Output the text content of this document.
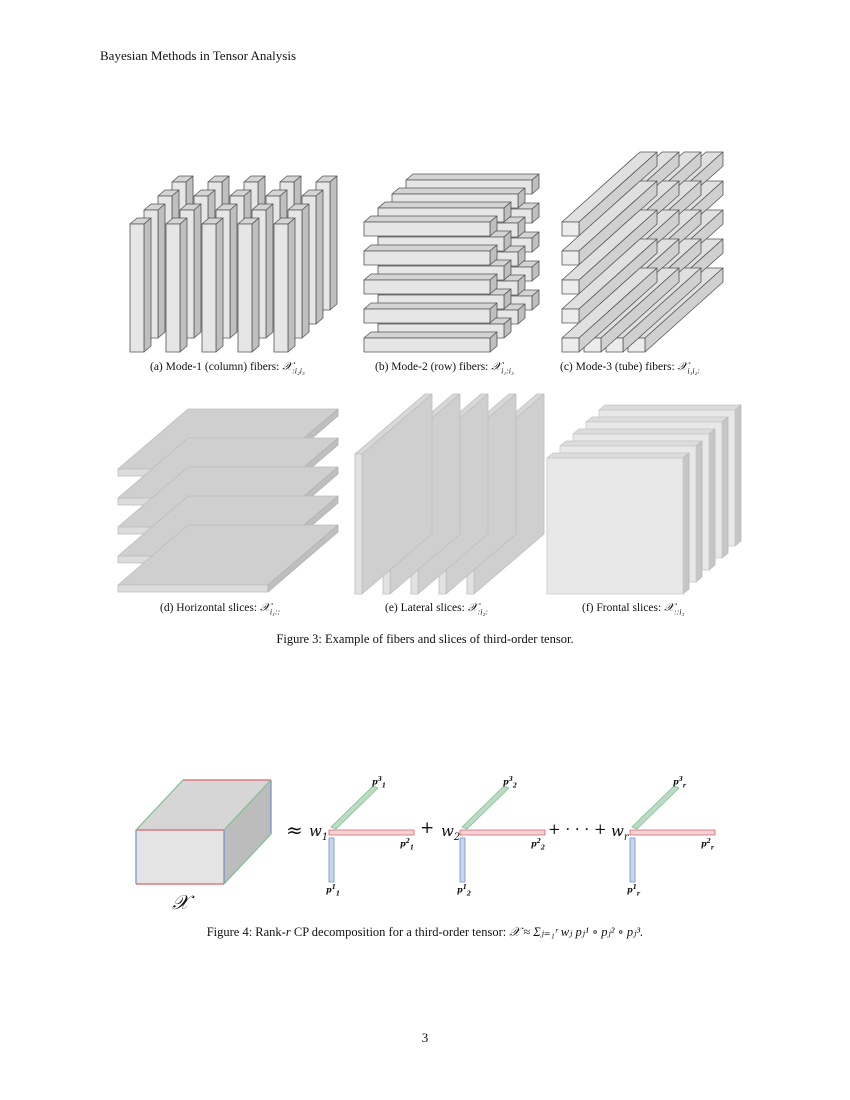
Bayesian Methods in Tensor Analysis
(a) Mode-1 (column) fibers: 𝒳$_{:i_2i_3}$	(b) Mode-2 (row) fibers: 𝒳$_{i_1:i_3}$	(c) Mode-3 (tube) fibers: 𝒳$_{i_1i_2:}$
(d) Horizontal slices: 𝒳$_{i_1::}$	(e) Lateral slices: 𝒳$_{:i_2:}$	(f) Frontal slices: 𝒳$_{::i_3}$
Figure 3: Example of fibers and slices of third-order tensor.
𝒳
≈ $w_1$	+ $w_2$	+ · · · + $w_r$
$p^3_1$
$p^2_1$
$p^1_1$
$p^3_2$
$p^2_2$
$p^1_2$
$p^3_r$
$p^2_r$
$p^1_r$
Figure 4: Rank-r CP decomposition for a third-order tensor: 𝒳 ≈ Σⱼ₌₁ʳ wⱼ pⱼ¹ ∘ pⱼ² ∘ pⱼ³.
3
